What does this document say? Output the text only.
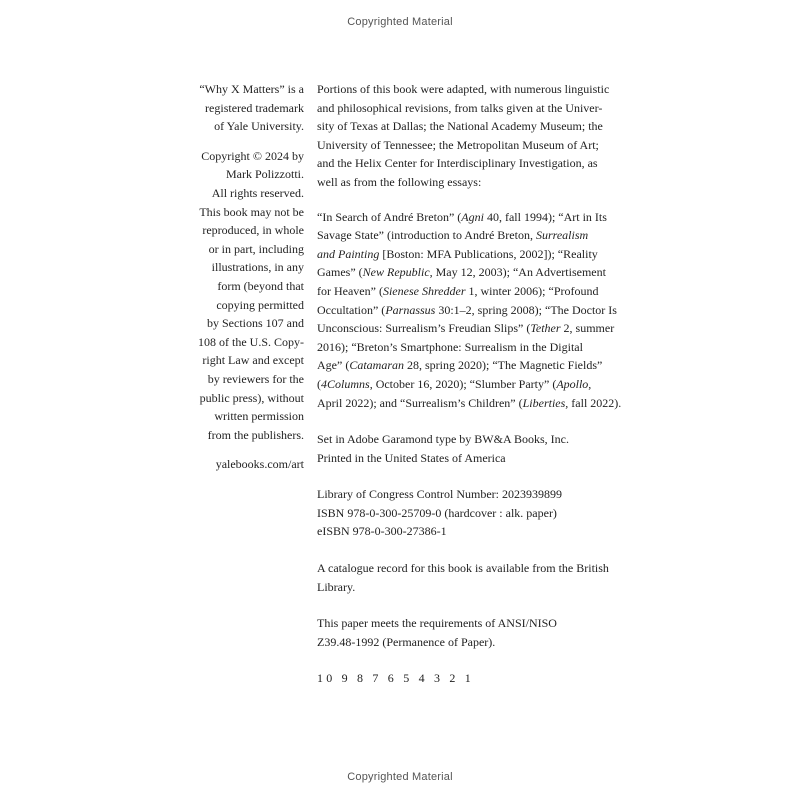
Copyrighted Material
“Why X Matters” is a
registered trademark
of Yale University.
Copyright © 2024 by
Mark Polizzotti.
All rights reserved.
This book may not be
reproduced, in whole
or in part, including
illustrations, in any
form (beyond that
copying permitted
by Sections 107 and
108 of the U.S. Copy-
right Law and except
by reviewers for the
public press), without
written permission
from the publishers.
yalebooks.com/art
Portions of this book were adapted, with numerous linguistic
and philosophical revisions, from talks given at the Univer-
sity of Texas at Dallas; the National Academy Museum; the
University of Tennessee; the Metropolitan Museum of Art;
and the Helix Center for Interdisciplinary Investigation, as
well as from the following essays:
“In Search of André Breton” (Agni 40, fall 1994); “Art in Its
Savage State” (introduction to André Breton, Surrealism
and Painting [Boston: MFA Publications, 2002]); “Reality
Games” (New Republic, May 12, 2003); “An Advertisement
for Heaven” (Sienese Shredder 1, winter 2006); “Profound
Occultation” (Parnassus 30:1–2, spring 2008); “The Doctor Is
Unconscious: Surrealism’s Freudian Slips” (Tether 2, summer
2016); “Breton’s Smartphone: Surrealism in the Digital
Age” (Catamaran 28, spring 2020); “The Magnetic Fields”
(4Columns, October 16, 2020); “Slumber Party” (Apollo,
April 2022); and “Surrealism’s Children” (Liberties, fall 2022).
Set in Adobe Garamond type by BW&A Books, Inc.
Printed in the United States of America
Library of Congress Control Number: 2023939899
ISBN 978-0-300-25709-0 (hardcover : alk. paper)
eISBN 978-0-300-27386-1
A catalogue record for this book is available from the British
Library.
This paper meets the requirements of ANSI/NISO
Z39.48-1992 (Permanence of Paper).
10 9 8 7 6 5 4 3 2 1
Copyrighted Material
